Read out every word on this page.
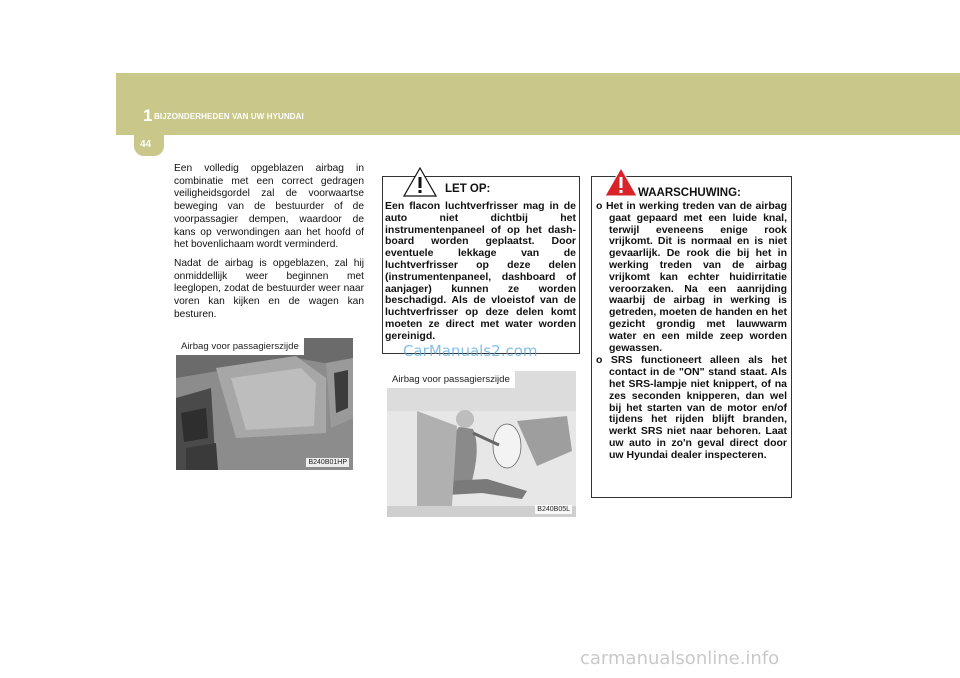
1 BIJZONDERHEDEN VAN UW HYUNDAI
44

Een volledig opgeblazen airbag in combinatie met een correct gedragen veiligheidsgordel zal de voorwaartse beweging van de bestuurder of de voorpassagier dempen, waardoor de kans op verwondingen aan het hoofd of het bovenlichaam wordt verminderd.

Nadat de airbag is opgeblazen, zal hij onmiddellijk weer beginnen met leeglopen, zodat de bestuurder weer naar voren kan kijken en de wagen kan besturen.

Airbag voor passagierszijde
B240B01HP
LET OP:
Een flacon luchtverfrisser mag in de auto niet dichtbij het instrumentenpaneel of op het dash-board worden geplaatst. Door eventuele lekkage van de luchtverfrisser op deze delen (instrumentenpaneel, dashboard of aanjager) kunnen ze worden beschadigd. Als de vloeistof van de luchtverfrisser op deze delen komt moeten ze direct met water worden gereinigd.
CarManuals2.com
Airbag voor passagierszijde
B240B05L
WAARSCHUWING:
o Het in werking treden van de airbag gaat gepaard met een luide knal, terwijl eveneens enige rook vrijkomt. Dit is normaal en is niet gevaarlijk. De rook die bij het in werking treden van de airbag vrijkomt kan echter huidirritatie veroorzaken. Na een aanrijding waarbij de airbag in werking is getreden, moeten de handen en het gezicht grondig met lauwwarm water en een milde zeep worden gewassen.
o SRS functioneert alleen als het contact in de "ON" stand staat. Als het SRS-lampje niet knippert, of na zes seconden knipperen, dan wel bij het starten van de motor en/of tijdens het rijden blijft branden, werkt SRS niet naar behoren. Laat uw auto in zo'n geval direct door uw Hyundai dealer inspecteren.
carmanualsonline.info
